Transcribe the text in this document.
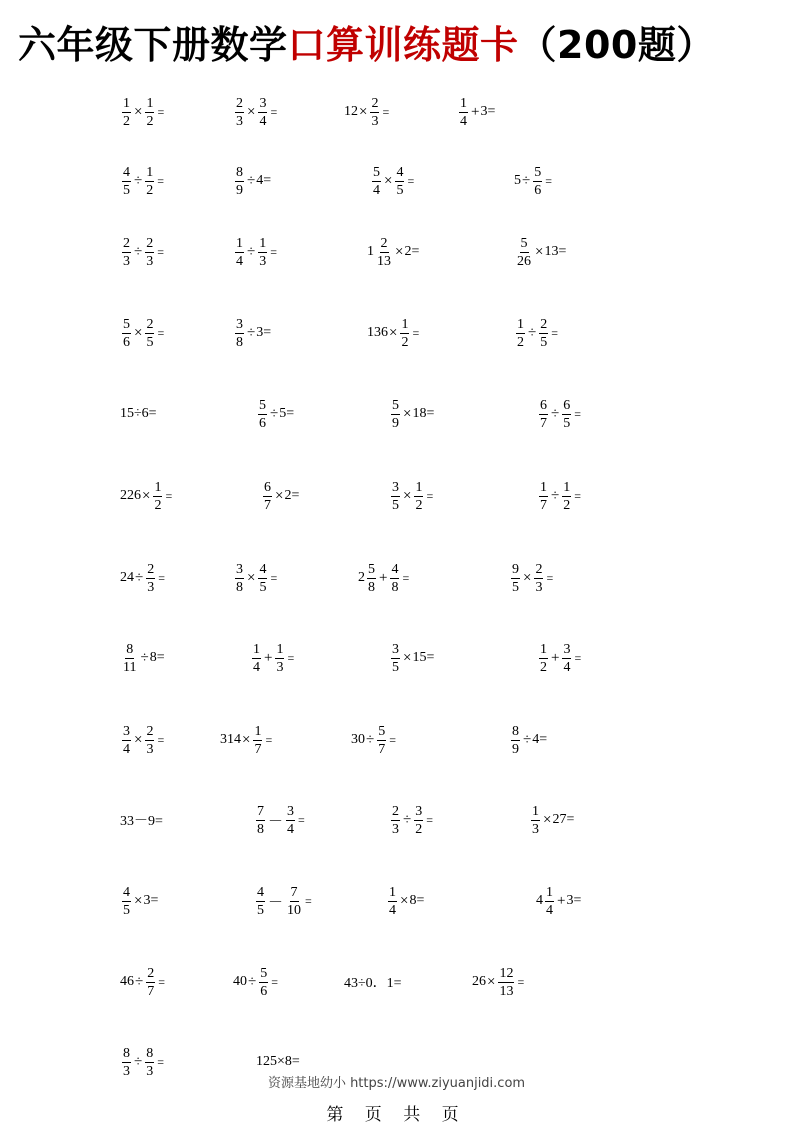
六年级下册数学口算训练题卡（200题）
$\frac{1}{2} \times \frac{1}{2}$ =	$\frac{2}{3} \times \frac{3}{4}$ =	$12 \times \frac{2}{3}$ =	$\frac{1}{4} + 3=$
$\frac{4}{5} \div \frac{1}{2}$ =	$\frac{8}{9} \div 4=$	$\frac{5}{4} \times \frac{4}{5}$ =	$5 \div \frac{5}{6}$ =
$\frac{2}{3} \div \frac{2}{3}$ =	$\frac{1}{4} \div \frac{1}{3}$ =	$1 \frac{2}{13} \times 2=$	$\frac{5}{26} \times 13=$
$\frac{5}{6} \times \frac{2}{5}$ =	$\frac{3}{8} \div 3=$	$136 \times \frac{1}{2}$ =	$\frac{1}{2} \div \frac{2}{5}$ =
15÷6=	$\frac{5}{6} \div 5=$	$\frac{5}{9} \times 18=$	$\frac{6}{7} \div \frac{6}{5}$ =
$226 \times \frac{1}{2}$ =	$\frac{6}{7} \times 2=$	$\frac{3}{5} \times \frac{1}{2}$ =	$\frac{1}{7} \div \frac{1}{2}$ =
$24 \div \frac{2}{3}$ =	$\frac{3}{8} \times \frac{4}{5}$ =	$2 \frac{5}{8} + \frac{4}{8}$ =	$\frac{9}{5} \times \frac{2}{3}$ =
$\frac{8}{11} \div 8=$	$\frac{1}{4} + \frac{1}{3}$ =	$\frac{3}{5} \times 15=$	$\frac{1}{2} + \frac{3}{4}$ =
$\frac{3}{4} \times \frac{2}{3}$ =	$314 \times \frac{1}{7}$ =	$30 \div \frac{5}{7}$ =	$\frac{8}{9} \div 4=$
33－9=	$\frac{7}{8} - \frac{3}{4}$ =	$\frac{2}{3} \div \frac{3}{2}$ =	$\frac{1}{3} \times 27=$
$\frac{4}{5} \times 3=$	$\frac{4}{5} - \frac{7}{10}$ =	$\frac{1}{4} \times 8=$	$4 \frac{1}{4} + 3=$
$46 \div \frac{2}{7}$ =	$40 \div \frac{5}{6}$ =	43÷0．1=	$26 \times \frac{12}{13}$ =
$\frac{8}{3} \div \frac{8}{3}$ =	125×8=
资源基地幼小 https://www.ziyuanjidi.com
第 页 共 页
